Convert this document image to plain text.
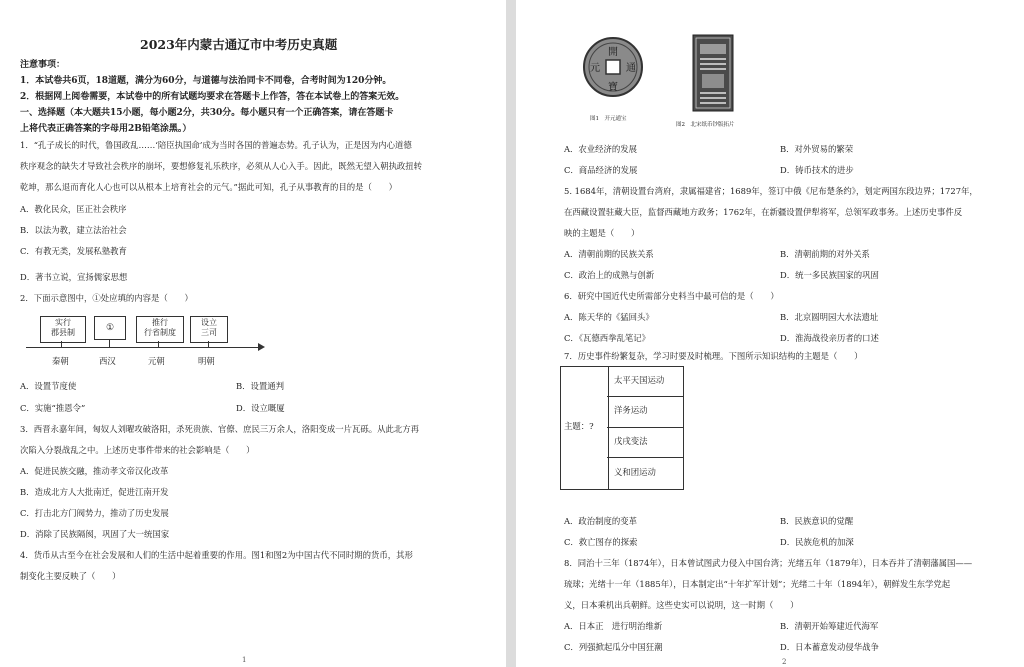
2023年内蒙古通辽市中考历史真题
注意事项：
1．本试卷共6页，18道题，满分为60分，与道德与法治同卡不同卷，合考时间为120分钟。
2．根据网上阅卷需要，本试卷中的所有试题均要求在答题卡上作答，答在本试卷上的答案无效。
一、选择题（本大题共15小题，每小题2分，共30分。每小题只有一个正确答案，请在答题卡
上将代表正确答案的字母用2B铅笔涂黑。）
1．“孔子成长的时代，鲁国政乱……‘陪臣执国命’成为当时各国的普遍态势。孔子认为，正是因为内心道德
秩序观念的缺失才导致社会秩序的崩坏，要想修复礼乐秩序，必须从人心入手。因此，既然无望入朝执政扭转
乾坤，那么退而育化人心也可以从根本上培育社会的元气。”据此可知，孔子从事教育的目的是（　　）
A．教化民众，匡正社会秩序
B．以法为教，建立法治社会
C．有教无类，发展私塾教育
D．著书立说，宣扬儒家思想
2．下面示意图中，①处应填的内容是（　　）
实行
郡县制	①
推行
行省制度
设立
三司
秦朝	西汉	元朝	明朝
A．设置节度使	B．设置通判
C．实施“推恩令”	D．设立嘅厦
3．西晋永嘉年间，匈奴人刘曜攻破洛阳，杀死贵族、官僚、庶民三万余人，洛阳变成一片瓦砾。从此北方再
次陷入分裂战乱之中。上述历史事件带来的社会影响是（　　）
A．促进民族交融，推动孝文帝汉化改革
B．造成北方人大批南迁，促进江南开发
C．打击北方门阀势力，推动了历史发展
D．消除了民族隔阂，巩固了大一统国家
4．货币从古至今在社会发展和人们的生活中起着重要的作用。图1和图2为中国古代不同时期的货币，其形
制变化主要反映了（　　）
1
開
寶
元	通
图1　开元通宝
图2　北宋纸币钞版拓片
A．农业经济的发展	B．对外贸易的繁荣
C．商品经济的发展	D．铸币技术的进步
5. 1684年，清朝设置台湾府，隶属福建省；1689年，签订中俄《尼布楚条约》，划定两国东段边界；1727年，
在西藏设置驻藏大臣，监督西藏地方政务；1762年，在新疆设置伊犁将军，总领军政事务。上述历史事件反
映的主题是（　　）
A．清朝前期的民族关系	B．清朝前期的对外关系
C．政治上的成熟与创新	D．统一多民族国家的巩固
6．研究中国近代史所需部分史料当中最可信的是（　　）
A．陈天华的《猛回头》	B．北京圆明园大水法遗址
C．《瓦德西拳乱笔记》	D．淮海战役亲历者的口述
7．历史事件纷繁复杂，学习时要及时梳理。下图所示知识结构的主题是（　　）
主题：?
太平天国运动
洋务运动
戊戌变法
义和团运动
A．政治制度的变革	B．民族意识的觉醒
C．救亡图存的探索	D．民族危机的加深
8．同治十三年（1874年），日本曾试图武力侵入中国台湾；光绪五年（1879年），日本吞并了清朝藩属国——
琉球；光绪十一年（1885年），日本制定出“十年扩军计划”；光绪二十年（1894年），朝鲜发生东学党起
义，日本乘机出兵朝鲜。这些史实可以说明，这一时期（　　）
A．日本正　进行明治维新	B．清朝开始筹建近代海军
C．列强掀起瓜分中国狂潮	D．日本蓄意发动侵华战争
2
